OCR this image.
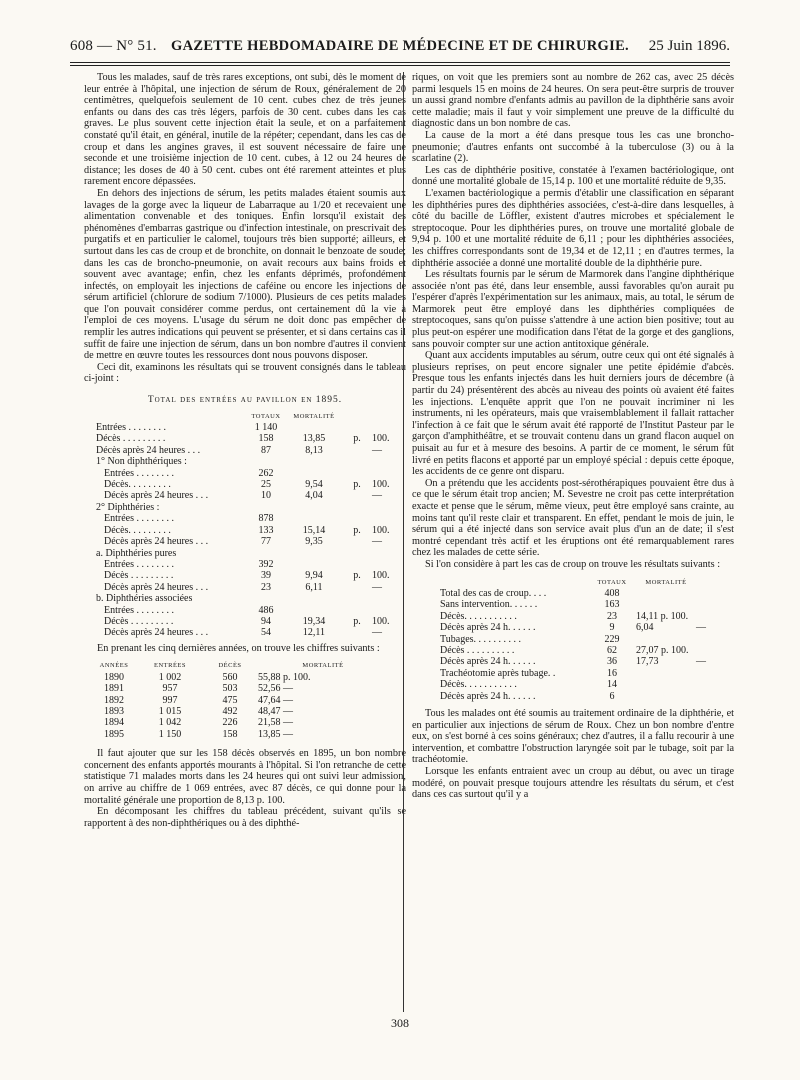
608 — N° 51. GAZETTE HEBDOMADAIRE DE MÉDECINE ET DE CHIRURGIE.	25 Juin 1896.

Tous les malades, sauf de très rares exceptions, ont subi, dès le moment de leur entrée à l'hôpital, une injection de sérum de Roux, généralement de 20 centimètres, quelquefois seulement de 10 cent. cubes chez de très jeunes enfants ou dans des cas très légers, parfois de 30 cent. cubes dans les cas graves. Le plus souvent cette injection était la seule, et on a parfaitement constaté qu'il était, en général, inutile de la répéter; cependant, dans les cas de croup et dans les angines graves, il est souvent nécessaire de faire une seconde et une troisième injection de 10 cent. cubes, à 12 ou 24 heures de distance; les doses de 40 à 50 cent. cubes ont été rarement atteintes et plus rarement encore dépassées.

En dehors des injections de sérum, les petits malades étaient soumis aux lavages de la gorge avec la liqueur de Labarraque au 1/20 et recevaient une alimentation convenable et des toniques. Enfin lorsqu'il existait des phénomènes d'embarras gastrique ou d'infection intestinale, on prescrivait des purgatifs et en particulier le calomel, toujours très bien supporté; ailleurs, et surtout dans les cas de croup et de bronchite, on donnait le benzoate de soude; dans les cas de broncho-pneumonie, on avait recours aux bains froids et souvent avec avantage; enfin, chez les enfants déprimés, profondément infectés, on employait les injections de caféine ou encore les injections de sérum artificiel (chlorure de sodium 7/1000). Plusieurs de ces petits malades que l'on pouvait considérer comme perdus, ont certainement dû la vie à l'emploi de ces moyens. L'usage du sérum ne doit donc pas empêcher de remplir les autres indications qui peuvent se présenter, et si dans certains cas il suffit de faire une injection de sérum, dans un bon nombre d'autres il convient de mettre en œuvre toutes les ressources dont nous pouvons disposer.

Ceci dit, examinons les résultats qui se trouvent consignés dans le tableau ci-joint :

Total des entrées au pavillon en 1895.
TOTAUX	MORTALITÉ
Entrées . . . . . . . .	1 140
Décès . . . . . . . . .	158	13,85	p.	100.
Décès après 24 heures . . .	87	8,13	—
1° Non diphthériques :
Entrées . . . . . . . .	262
Décès. . . . . . . . .	25	9,54	p.	100.
Décès après 24 heures . . .	10	4,04	—
2° Diphthéries :
Entrées . . . . . . . .	878
Décès. . . . . . . . .	133	15,14	p.	100.
Décès après 24 heures . . .	77	9,35	—
a. Diphthéries pures
Entrées . . . . . . . .	392
Décès . . . . . . . . .	39	9,94	p.	100.
Décès après 24 heures . . .	23	6,11	—
b. Diphthéries associées
Entrées . . . . . . . .	486
Décès . . . . . . . . .	94	19,34	p.	100.
Décès après 24 heures . . .	54	12,11	—

En prenant les cinq dernières années, on trouve les chiffres suivants :

ANNÉES	ENTRÉES	DÉCÈS	MORTALITÉ
1890	1 002	560	55,88 p. 100.
1891	957	503	52,56 —
1892	997	475	47,64 —
1893	1 015	492	48,47 —
1894	1 042	226	21,58 —
1895	1 150	158	13,85 —

Il faut ajouter que sur les 158 décès observés en 1895, un bon nombre concernent des enfants apportés mourants à l'hôpital. Si l'on retranche de cette statistique 71 malades morts dans les 24 heures qui ont suivi leur admission, on arrive au chiffre de 1 069 entrées, avec 87 décès, ce qui donne pour la mortalité générale une proportion de 8,13 p. 100.

En décomposant les chiffres du tableau précédent, suivant qu'ils se rapportent à des non-diphthériques ou à des diphthé-

riques, on voit que les premiers sont au nombre de 262 cas, avec 25 décès parmi lesquels 15 en moins de 24 heures. On sera peut-être surpris de trouver un aussi grand nombre d'enfants admis au pavillon de la diphthérie sans avoir cette maladie; mais il faut y voir simplement une preuve de la difficulté du diagnostic dans un bon nombre de cas.

La cause de la mort a été dans presque tous les cas une broncho-pneumonie; d'autres enfants ont succombé à la tuberculose (3) ou à la scarlatine (2).

Les cas de diphthérie positive, constatée à l'examen bactériologique, ont donné une mortalité globale de 15,14 p. 100 et une mortalité réduite de 9,35.

L'examen bactériologique a permis d'établir une classification en séparant les diphthéries pures des diphthéries associées, c'est-à-dire dans lesquelles, à côté du bacille de Löffler, existent d'autres microbes et spécialement le streptocoque. Pour les diphthéries pures, on trouve une mortalité globale de 9,94 p. 100 et une mortalité réduite de 6,11 ; pour les diphthéries associées, les chiffres correspondants sont de 19,34 et de 12,11 ; en d'autres termes, la diphthérie associée a donné une mortalité double de la diphthérie pure.

Les résultats fournis par le sérum de Marmorek dans l'angine diphthérique associée n'ont pas été, dans leur ensemble, aussi favorables qu'on aurait pu l'espérer d'après l'expérimentation sur les animaux, mais, au total, le sérum de Marmorek peut être employé dans les diphthéries compliquées de streptocoques, sans qu'on puisse s'attendre à une action bien positive; tout au plus peut-on espérer une modification dans l'état de la gorge et des ganglions, sans pouvoir compter sur une action antitoxique générale.

Quant aux accidents imputables au sérum, outre ceux qui ont été signalés à plusieurs reprises, on peut encore signaler une petite épidémie d'abcès. Presque tous les enfants injectés dans les huit derniers jours de décembre (à partir du 24) présentèrent des abcès au niveau des points où avaient été faites les injections. L'enquête apprit que l'on ne pouvait incriminer ni les instruments, ni les opérateurs, mais que vraisemblablement il fallait rattacher l'infection à ce fait que le sérum avait été rapporté de l'Institut Pasteur par le garçon d'amphithéâtre, et se trouvait contenu dans un grand flacon auquel on puisait au fur et à mesure des besoins. A partir de ce moment, le sérum fût livré en petits flacons et apporté par un employé spécial : depuis cette époque, les accidents de ce genre ont disparu.

On a prétendu que les accidents post-sérothérapiques pouvaient être dus à ce que le sérum était trop ancien; M. Sevestre ne croit pas cette interprétation exacte et pense que le sérum, même vieux, peut être employé sans crainte, au moins tant qu'il reste clair et transparent. En effet, pendant le mois de juin, le sérum qui a été injecté dans son service avait plus d'un an de date; il s'est montré cependant très actif et les éruptions ont été remarquablement rares chez les malades de cette série.

Si l'on considère à part les cas de croup on trouve les résultats suivants :

TOTAUX	MORTALITÉ
Total des cas de croup. . . .	408
Sans intervention. . . . . .	163
Décès. . . . . . . . . . .	23	14,11 p. 100.
Décès après 24 h. . . . . .	9	6,04	—
Tubages. . . . . . . . . .	229
Décès . . . . . . . . . .	62	27,07 p. 100.
Décès après 24 h. . . . . .	36	17,73	—
Trachéotomie après tubage. .	16
Décès. . . . . . . . . . .	14
Décès après 24 h. . . . . .	6

Tous les malades ont été soumis au traitement ordinaire de la diphthérie, et en particulier aux injections de sérum de Roux. Chez un bon nombre d'entre eux, on s'est borné à ces soins généraux; chez d'autres, il a fallu recourir à une intervention, et combattre l'obstruction laryngée soit par le tubage, soit par la trachéotomie.

Lorsque les enfants entraient avec un croup au début, ou avec un tirage modéré, on pouvait presque toujours attendre les résultats du sérum, et c'est dans ces cas surtout qu'il y a

308
